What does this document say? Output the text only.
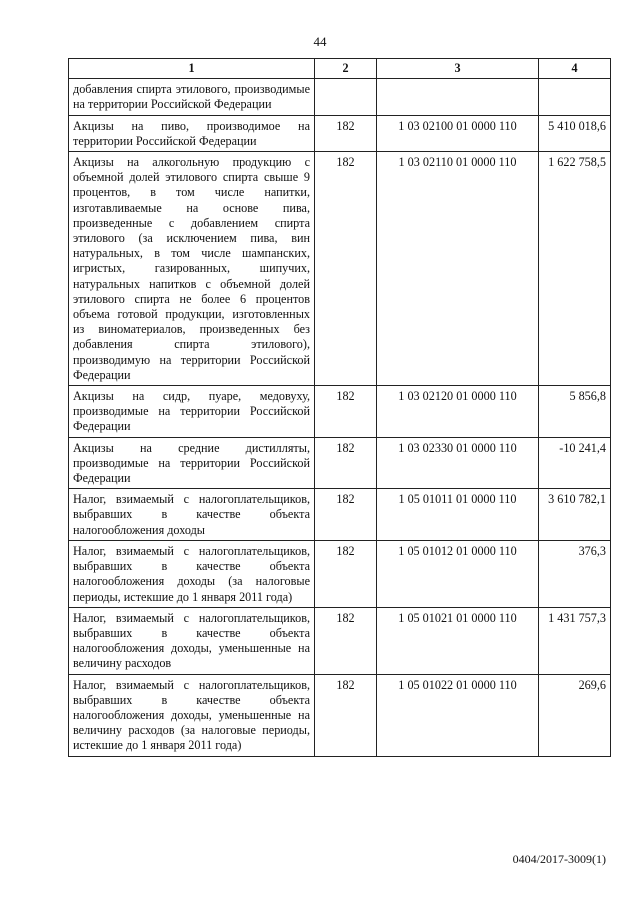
44
1	2	3	4
добавления спирта этилового, производимые на территории Российской Федерации			
Акцизы на пиво, производимое на территории Российской Федерации	182	1 03 02100 01 0000 110	5 410 018,6
Акцизы на алкогольную продукцию с объемной долей этилового спирта свыше 9 процентов, в том числе напитки, изготавливаемые на основе пива, произведенные с добавлением спирта этилового (за исключением пива, вин натуральных, в том числе шампанских, игристых, газированных, шипучих, натуральных напитков с объемной долей этилового спирта не более 6 процентов объема готовой продукции, изготовленных из виноматериалов, произведенных без добавления спирта этилового), производимую на территории Российской Федерации	182	1 03 02110 01 0000 110	1 622 758,5
Акцизы на сидр, пуаре, медовуху, производимые на территории Российской Федерации	182	1 03 02120 01 0000 110	5 856,8
Акцизы на средние дистилляты, производимые на территории Российской Федерации	182	1 03 02330 01 0000 110	-10 241,4
Налог, взимаемый с налогоплательщиков, выбравших в качестве объекта налогообложения доходы	182	1 05 01011 01 0000 110	3 610 782,1
Налог, взимаемый с налогоплательщиков, выбравших в качестве объекта налогообложения доходы (за налоговые периоды, истекшие до 1 января 2011 года)	182	1 05 01012 01 0000 110	376,3
Налог, взимаемый с налогоплательщиков, выбравших в качестве объекта налогообложения доходы, уменьшенные на величину расходов	182	1 05 01021 01 0000 110	1 431 757,3
Налог, взимаемый с налогоплательщиков, выбравших в качестве объекта налогообложения доходы, уменьшенные на величину расходов (за налоговые периоды, истекшие до 1 января 2011 года)	182	1 05 01022 01 0000 110	269,6
0404/2017-3009(1)
